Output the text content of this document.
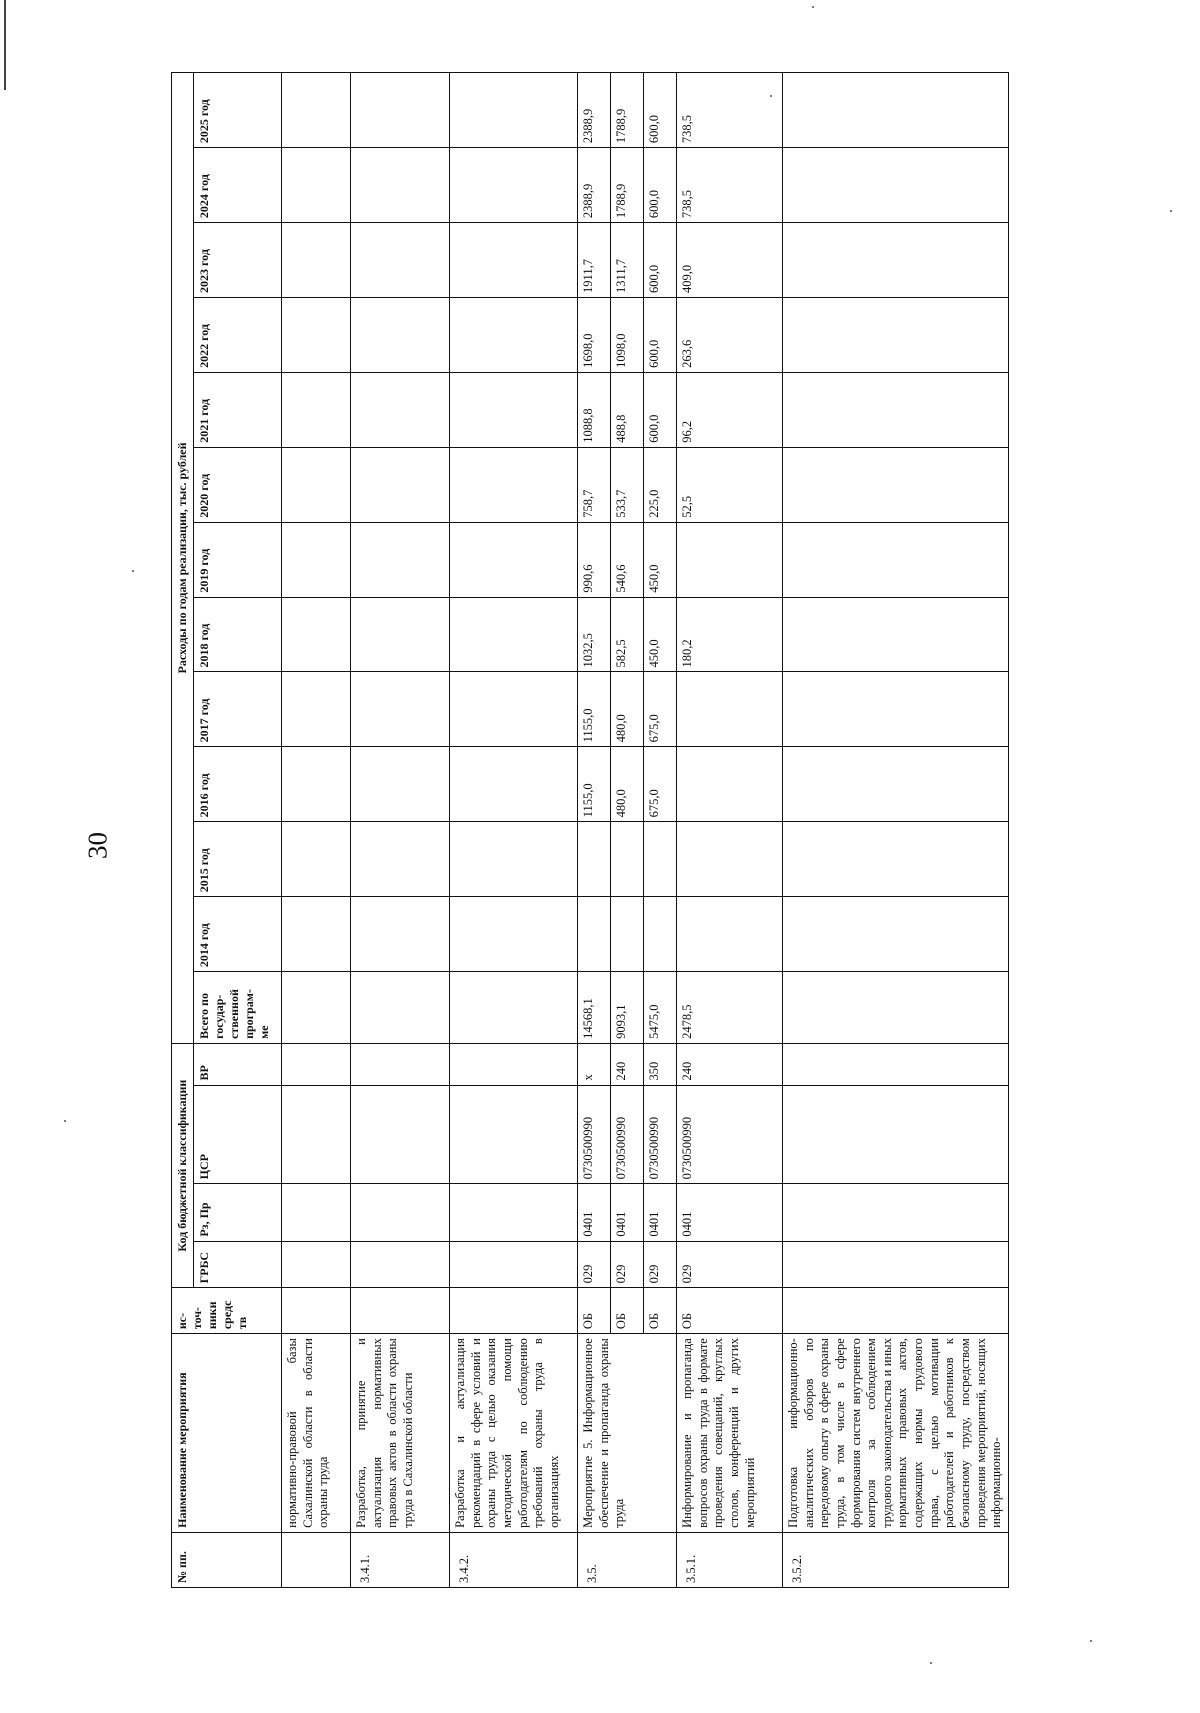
30
№ пп.	Наименование мероприятия	ис-точ-ники средс тв	Код бюджетной классификации				Расходы по годам реализации, тыс. рублей												
			ГРБС	Рз, Пр	ЦСР	ВР	Всего по государ-ственной програм-ме	2014 год	2015 год	2016 год	2017 год	2018 год	2019 год	2020 год	2021 год	2022 год	2023 год	2024 год	2025 год
	нормативно-правовой базы Сахалинской области в области охраны труда																		
3.4.1.	Разработка, принятие и актуализация нормативных правовых актов в области охраны труда в Сахалинской области																		
3.4.2.	Разработка и актуализация рекомендаций в сфере условий и охраны труда с целью оказания методической помощи работодателям по соблюдению требований охраны труда в организациях																		
3.5.	Мероприятие 5. Информационное обеспечение и пропаганда охраны труда	ОБ	029	0401	0730500990	х	14568,1			1155,0	1155,0	1032,5	990,6	758,7	1088,8	1698,0	1911,7	2388,9	2388,9
		ОБ	029	0401	0730500990	240	9093,1			480,0	480,0	582,5	540,6	533,7	488,8	1098,0	1311,7	1788,9	1788,9
		ОБ	029	0401	0730500990	350	5475,0			675,0	675,0	450,0	450,0	225,0	600,0	600,0	600,0	600,0	600,0
3.5.1.	Информирование и пропаганда вопросов охраны труда в формате проведения совещаний, круглых столов, конференций и других мероприятий	ОБ	029	0401	0730500990	240	2478,5					180,2		52,5	96,2	263,6	409,0	738,5	738,5
3.5.2.	Подготовка информационно-аналитических обзоров по передовому опыту в сфере охраны труда, в том числе в сфере формирования систем внутреннего контроля за соблюдением трудового законодательства и иных нормативных правовых актов, содержащих нормы трудового права, с целью мотивации работодателей и работников к безопасному труду, посредством проведения мероприятий, носящих информационно-																		
